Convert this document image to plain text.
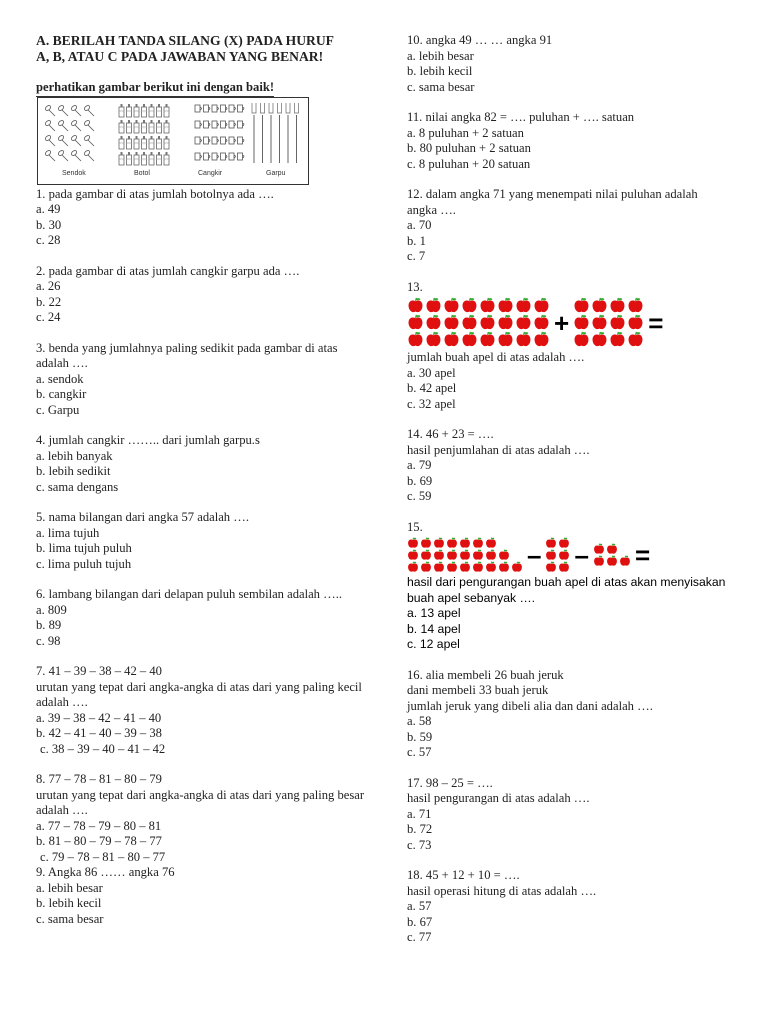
A. BERILAH TANDA SILANG (X) PADA HURUF

A, B, ATAU C PADA JAWABAN YANG BENAR!

perhatikan gambar berikut ini dengan baik!
Sendok	Botol	Cangkir	Garpu

1. pada gambar di atas jumlah botolnya ada ….

a. 49

b. 30

c. 28

2. pada gambar di atas jumlah cangkir garpu ada ….

a. 26

b. 22

c. 24

3. benda yang jumlahnya paling sedikit pada gambar di atas adalah ….

a. sendok

b. cangkir

c. Garpu

4. jumlah cangkir …….. dari jumlah garpu.s

a. lebih banyak

b. lebih sedikit

c. sama dengans

5. nama bilangan dari angka 57 adalah ….

a. lima tujuh

b. lima tujuh puluh

c. lima puluh tujuh

6. lambang bilangan dari delapan puluh sembilan adalah …..

a. 809

b. 89

c. 98

7. 41 – 39 – 38 – 42 – 40

urutan yang tepat dari angka-angka di atas dari yang paling kecil adalah ….

a. 39 – 38 – 42 – 41 – 40

b. 42 – 41 – 40 – 39 – 38

c. 38 – 39 – 40 – 41 – 42

8. 77 – 78 – 81 – 80 – 79

urutan yang tepat dari angka-angka di atas dari yang paling besar adalah ….

a. 77 – 78 – 79 – 80 – 81

b. 81 – 80 – 79 – 78 – 77

c. 79 – 78 – 81 – 80 – 77

9. Angka 86 …… angka 76

a. lebih besar

b. lebih kecil

c. sama besar

10. angka 49 … … angka 91

a. lebih besar

b. lebih kecil

c. sama besar

11. nilai angka 82 = …. puluhan + …. satuan

a. 8 puluhan + 2 satuan

b. 80 puluhan + 2 satuan

c. 8 puluhan + 20 satuan

12. dalam angka 71 yang menempati nilai puluhan adalah angka ….

a. 70

b. 1

c. 7

13.

+	=

jumlah buah apel di atas adalah ….

a. 30 apel

b. 42 apel

c. 32 apel

14. 46 + 23 = ….

hasil penjumlahan di atas adalah ….

a. 79

b. 69

c. 59

15.

– – =

hasil dari pengurangan buah apel di atas akan menyisakan buah apel sebanyak ….

a. 13 apel

b. 14 apel

c. 12 apel

16. alia membeli 26 buah jeruk

dani membeli 33 buah jeruk

jumlah jeruk yang dibeli alia dan dani adalah ….

a. 58

b. 59

c. 57

17. 98 – 25 = ….

hasil pengurangan di atas adalah ….

a. 71

b. 72

c. 73

18. 45 + 12 + 10 = ….

hasil operasi hitung di atas adalah ….

a. 57

b. 67

c. 77
